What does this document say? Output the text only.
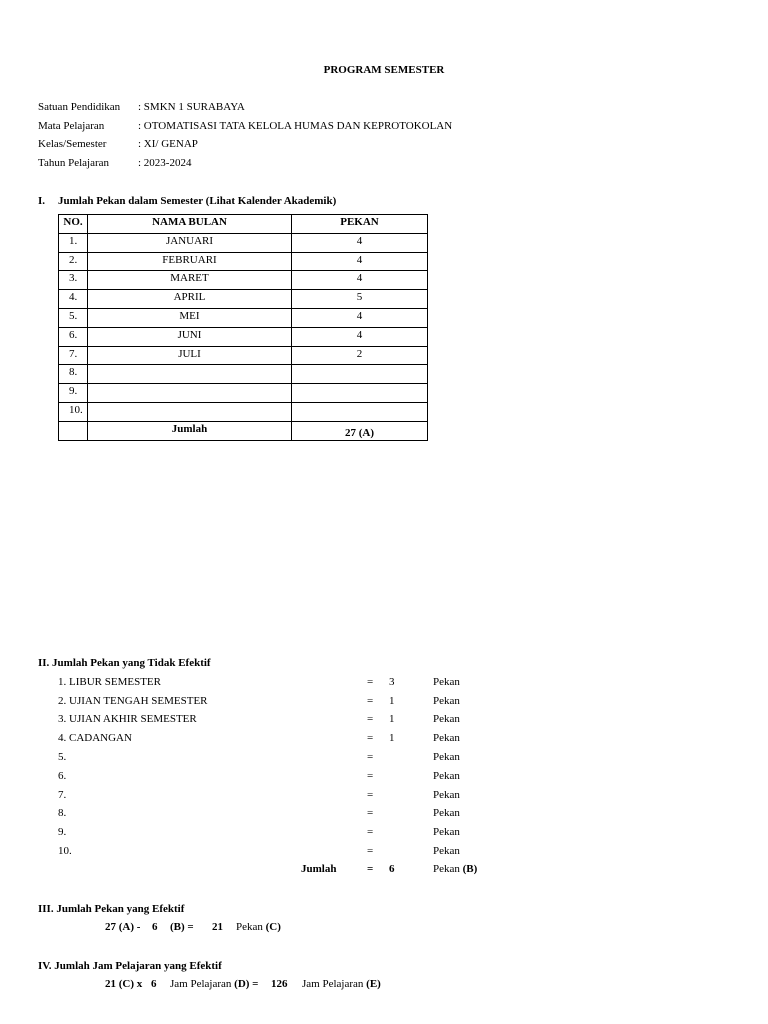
PROGRAM SEMESTER
Satuan Pendidikan : SMKN 1 SURABAYA
Mata Pelajaran	: OTOMATISASI TATA KELOLA HUMAS DAN KEPROTOKOLAN
Kelas/Semester	: XI/ GENAP
Tahun Pelajaran	: 2023-2024
I. Jumlah Pekan dalam Semester (Lihat Kalender Akademik)
NO.	NAMA BULAN	PEKAN
1.	JANUARI	4
2.	FEBRUARI	4
3.	MARET	4
4.	APRIL	5
5.	MEI	4
6.	JUNI	4
7.	JULI	2
8.		
9.		
10.		
	Jumlah	27 (A)
II. Jumlah Pekan yang Tidak Efektif
1. LIBUR SEMESTER	= 3	Pekan
2. UJIAN TENGAH SEMESTER	= 1	Pekan
3. UJIAN AKHIR SEMESTER	= 1	Pekan
4. CADANGAN	= 1	Pekan
5.	=	Pekan
6.	=	Pekan
7.	=	Pekan
8.	=	Pekan
9.	=	Pekan
10.	=	Pekan
Jumlah	= 6	Pekan (B)
III. Jumlah Pekan yang Efektif
27 (A) - 6 (B) = 21 Pekan (C)
IV. Jumlah Jam Pelajaran yang Efektif
21 (C) x 6 Jam Pelajaran (D) = 126 Jam Pelajaran (E)
